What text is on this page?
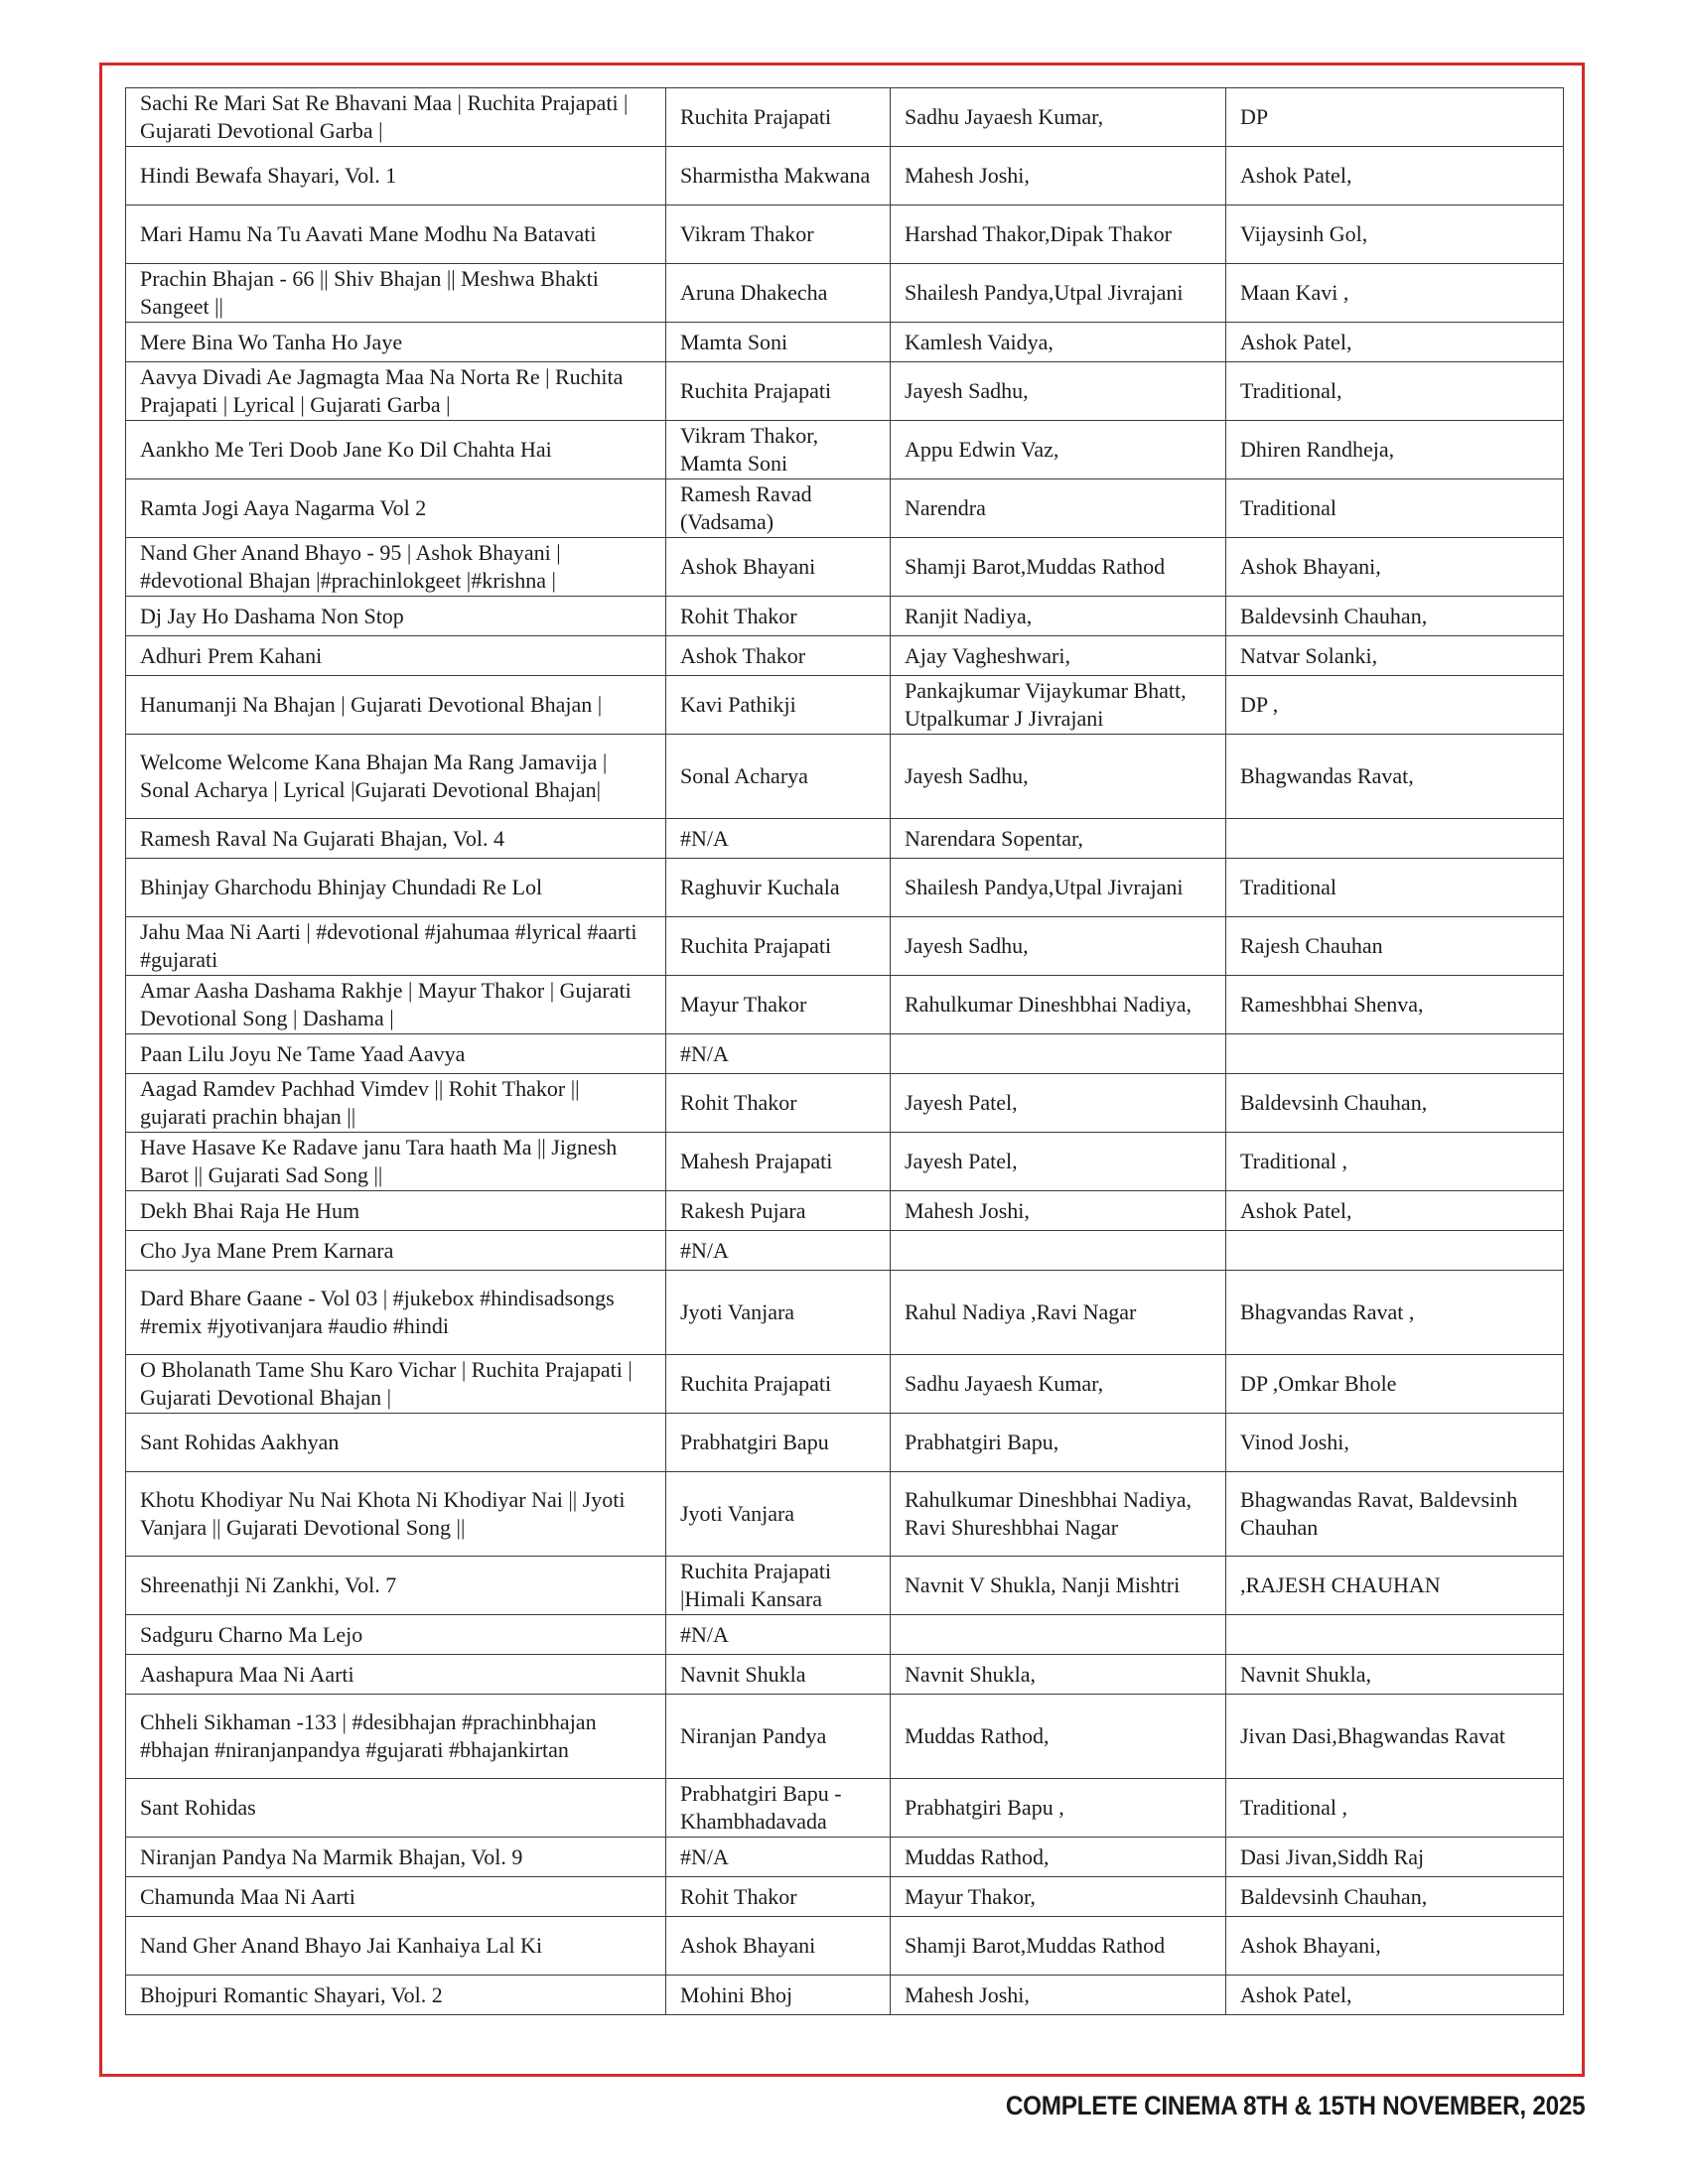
Sachi Re Mari Sat Re Bhavani Maa | Ruchita Prajapati | Gujarati Devotional Garba |	Ruchita Prajapati	Sadhu Jayaesh Kumar,	DP
Hindi Bewafa Shayari, Vol. 1	Sharmistha Makwana	Mahesh Joshi,	Ashok Patel,
Mari Hamu Na Tu Aavati Mane Modhu Na Batavati	Vikram Thakor	Harshad Thakor,Dipak Thakor	Vijaysinh Gol,
Prachin Bhajan - 66 || Shiv Bhajan || Meshwa Bhakti Sangeet ||	Aruna Dhakecha	Shailesh Pandya,Utpal Jivrajani	Maan Kavi ,
Mere Bina Wo Tanha Ho Jaye	Mamta Soni	Kamlesh Vaidya,	Ashok Patel,
Aavya Divadi Ae Jagmagta Maa Na Norta Re | Ruchita Prajapati | Lyrical | Gujarati Garba |	Ruchita Prajapati	Jayesh Sadhu,	Traditional,
Aankho Me Teri Doob Jane Ko Dil Chahta Hai	Vikram Thakor, Mamta Soni	Appu Edwin Vaz,	Dhiren Randheja,
Ramta Jogi Aaya Nagarma Vol 2	Ramesh Ravad (Vadsama)	Narendra	Traditional
Nand Gher Anand Bhayo - 95 | Ashok Bhayani | #devotional Bhajan |#prachinlokgeet |#krishna |	Ashok Bhayani	Shamji Barot,Muddas Rathod	Ashok Bhayani,
Dj Jay Ho Dashama Non Stop	Rohit Thakor	Ranjit Nadiya,	Baldevsinh Chauhan,
Adhuri Prem Kahani	Ashok Thakor	Ajay Vagheshwari,	Natvar Solanki,
Hanumanji Na Bhajan | Gujarati Devotional Bhajan |	Kavi Pathikji	Pankajkumar Vijaykumar Bhatt, Utpalkumar J Jivrajani	DP ,
Welcome Welcome Kana Bhajan Ma Rang Jamavija | Sonal Acharya | Lyrical |Gujarati Devotional Bhajan|	Sonal Acharya	Jayesh Sadhu,	Bhagwandas Ravat,
Ramesh Raval Na Gujarati Bhajan, Vol. 4	#N/A	Narendara Sopentar,	
Bhinjay Gharchodu Bhinjay Chundadi Re Lol	Raghuvir Kuchala	Shailesh Pandya,Utpal Jivrajani	Traditional
Jahu Maa Ni Aarti | #devotional #jahumaa #lyrical #aarti #gujarati	Ruchita Prajapati	Jayesh Sadhu,	Rajesh Chauhan
Amar Aasha Dashama Rakhje | Mayur Thakor | Gujarati Devotional Song | Dashama |	Mayur Thakor	Rahulkumar Dineshbhai Nadiya,	Rameshbhai Shenva,
Paan Lilu Joyu Ne Tame Yaad Aavya	#N/A		
Aagad Ramdev Pachhad Vimdev || Rohit Thakor || gujarati prachin bhajan ||	Rohit Thakor	Jayesh Patel,	Baldevsinh Chauhan,
Have Hasave Ke Radave janu Tara haath Ma || Jignesh Barot || Gujarati Sad Song ||	Mahesh Prajapati	Jayesh Patel,	Traditional ,
Dekh Bhai Raja He Hum	Rakesh Pujara	Mahesh Joshi,	Ashok Patel,
Cho Jya Mane Prem Karnara	#N/A		
Dard Bhare Gaane - Vol 03 | #jukebox #hindisadsongs #remix #jyotivanjara #audio #hindi	Jyoti Vanjara	Rahul Nadiya ,Ravi Nagar	Bhagvandas Ravat ,
O Bholanath Tame Shu Karo Vichar | Ruchita Prajapati | Gujarati Devotional Bhajan |	Ruchita Prajapati	Sadhu Jayaesh Kumar,	DP ,Omkar Bhole
Sant Rohidas Aakhyan	Prabhatgiri Bapu	Prabhatgiri Bapu,	Vinod Joshi,
Khotu Khodiyar Nu Nai Khota Ni Khodiyar Nai || Jyoti Vanjara || Gujarati Devotional Song ||	Jyoti Vanjara	Rahulkumar Dineshbhai Nadiya, Ravi Shureshbhai Nagar	Bhagwandas Ravat, Baldevsinh Chauhan
Shreenathji Ni Zankhi, Vol. 7	Ruchita Prajapati |Himali Kansara	Navnit V Shukla, Nanji Mishtri	,RAJESH CHAUHAN
Sadguru Charno Ma Lejo	#N/A		
Aashapura Maa Ni Aarti	Navnit Shukla	Navnit Shukla,	Navnit Shukla,
Chheli Sikhaman -133 | #desibhajan #prachinbhajan #bhajan #niranjanpandya #gujarati #bhajankirtan	Niranjan Pandya	Muddas Rathod,	Jivan Dasi,Bhagwandas Ravat
Sant Rohidas	Prabhatgiri Bapu - Khambhadavada	Prabhatgiri Bapu ,	Traditional ,
Niranjan Pandya Na Marmik Bhajan, Vol. 9	#N/A	Muddas Rathod,	Dasi Jivan,Siddh Raj
Chamunda Maa Ni Aarti	Rohit Thakor	Mayur Thakor,	Baldevsinh Chauhan,
Nand Gher Anand Bhayo Jai Kanhaiya Lal Ki	Ashok Bhayani	Shamji Barot,Muddas Rathod	Ashok Bhayani,
Bhojpuri Romantic Shayari, Vol. 2	Mohini Bhoj	Mahesh Joshi,	Ashok Patel,
COMPLETE CINEMA 8TH & 15TH NOVEMBER, 2025
